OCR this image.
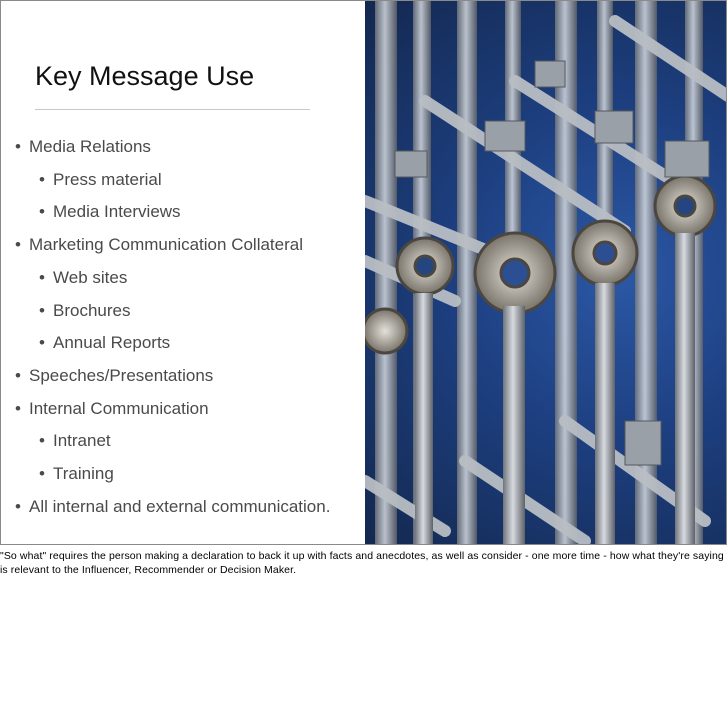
Key Message Use
• Media Relations
• Press material
• Media Interviews
• Marketing Communication Collateral
• Web sites
• Brochures
• Annual Reports
• Speeches/Presentations
• Internal Communication
• Intranet
• Training
• All internal and external communication.
"So what" requires the person making a declaration to back it up with facts and anecdotes, as well as consider - one more time - how what they're saying is relevant to the Influencer, Recommender or Decision Maker.
